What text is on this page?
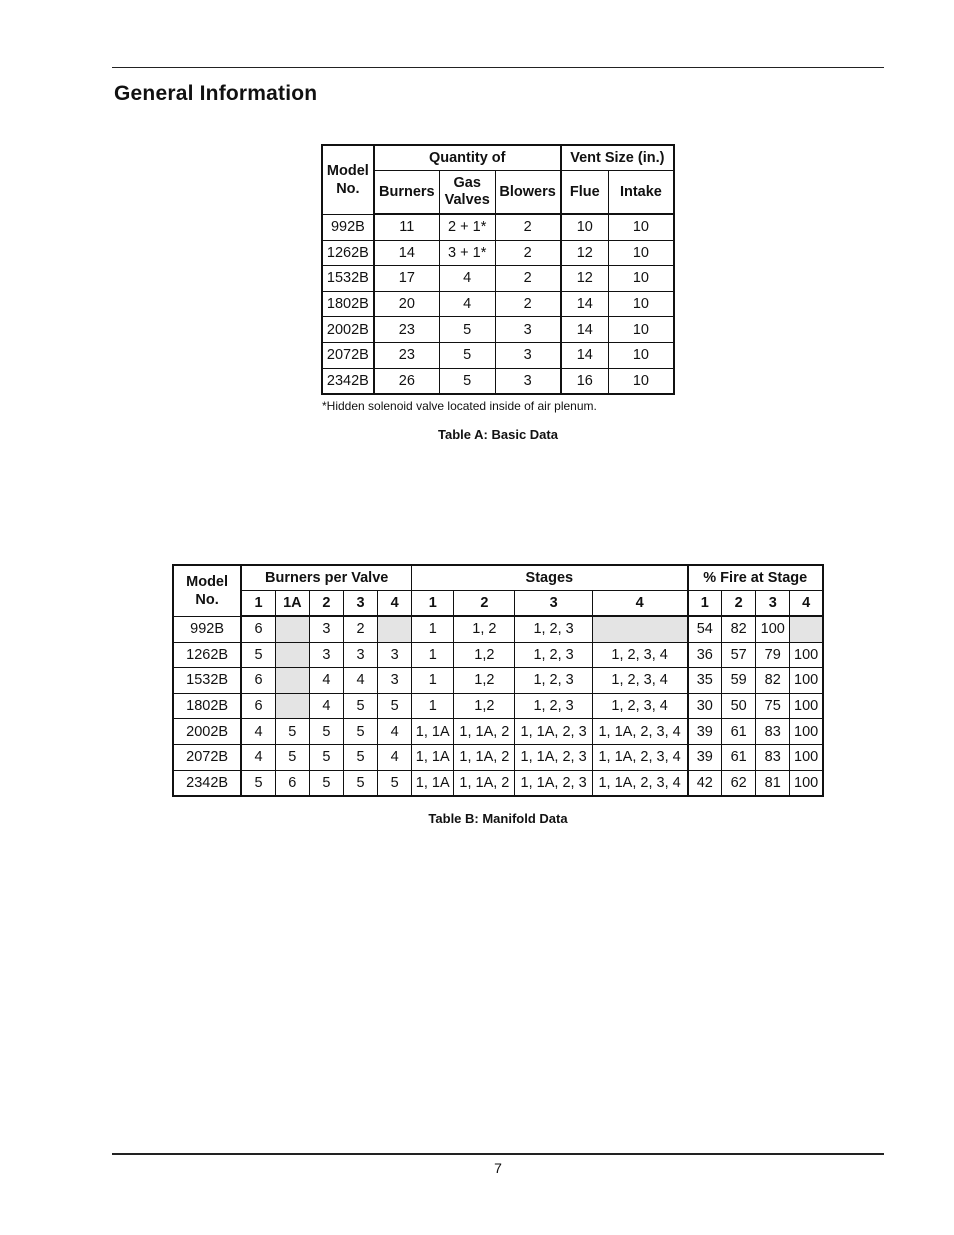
General Information
Model No.	Quantity of			Vent Size (in.)	
	Burners	Gas Valves	Blowers	Flue	Intake
992B	11	2 + 1*	2	10	10
1262B	14	3 + 1*	2	12	10
1532B	17	4	2	12	10
1802B	20	4	2	14	10
2002B	23	5	3	14	10
2072B	23	5	3	14	10
2342B	26	5	3	16	10
*Hidden solenoid valve located inside of air plenum.
Table A: Basic Data
Model No.	Burners per Valve					Stages				% Fire at Stage			
	1	1A	2	3	4	1	2	3	4	1	2	3	4
992B	6		3	2		1	1, 2	1, 2, 3		54	82	100	
1262B	5		3	3	3	1	1,2	1, 2, 3	1, 2, 3, 4	36	57	79	100
1532B	6		4	4	3	1	1,2	1, 2, 3	1, 2, 3, 4	35	59	82	100
1802B	6		4	5	5	1	1,2	1, 2, 3	1, 2, 3, 4	30	50	75	100
2002B	4	5	5	5	4	1, 1A	1, 1A, 2	1, 1A, 2, 3	1, 1A, 2, 3, 4	39	61	83	100
2072B	4	5	5	5	4	1, 1A	1, 1A, 2	1, 1A, 2, 3	1, 1A, 2, 3, 4	39	61	83	100
2342B	5	6	5	5	5	1, 1A	1, 1A, 2	1, 1A, 2, 3	1, 1A, 2, 3, 4	42	62	81	100
Table B: Manifold Data
7
